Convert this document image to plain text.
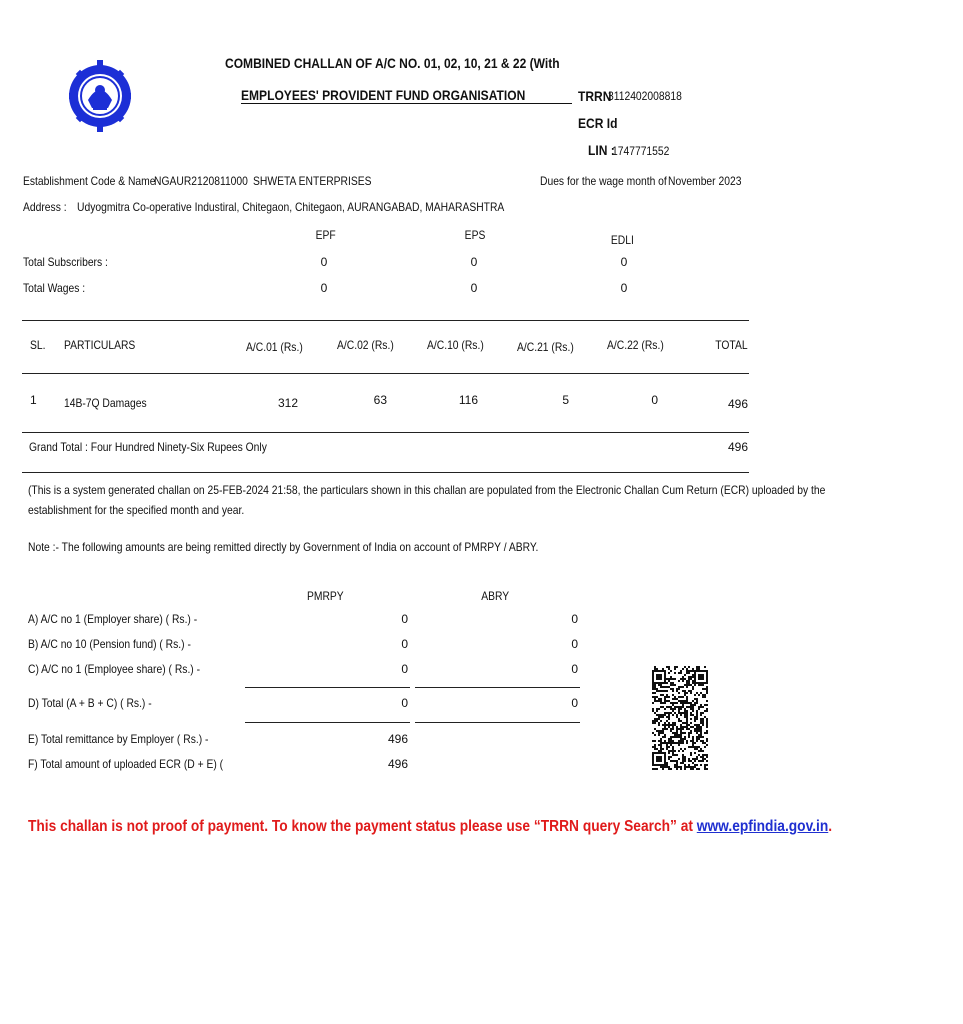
COMBINED CHALLAN OF A/C NO. 01, 02, 10, 21 & 22 (With
EMPLOYEES' PROVIDENT FUND ORGANISATION	TRRN
3112402008818
ECR Id
LIN :
1747771552
Establishment Code & Name
NGAUR2120811000 SHWETA ENTERPRISES	Dues for the wage month of November 2023
Address : Udyogmitra Co-operative Industiral, Chitegaon, Chitegaon, AURANGABAD, MAHARASHTRA
EPF	EPS	EDLI
Total Subscribers :	0	0	0
Total Wages :	0	0	0
SL. PARTICULARS	A/C.01 (Rs.)	A/C.02 (Rs.)	A/C.10 (Rs.)	A/C.21 (Rs.)	A/C.22 (Rs.)	TOTAL
1 14B-7Q Damages	312	63	116	5	0	496
Grand Total : Four Hundred Ninety-Six Rupees Only	496
(This is a system generated challan on 25-FEB-2024 21:58, the particulars shown in this challan are populated from the Electronic Challan Cum Return (ECR) uploaded by the
establishment for the specified month and year.
Note :- The following amounts are being remitted directly by Government of India on account of PMRPY / ABRY.
PMRPY	ABRY
A) A/C no 1 (Employer share) ( Rs.) -	0	0
B) A/C no 10 (Pension fund) ( Rs.) -	0	0
C) A/C no 1 (Employee share) ( Rs.) -	0	0
D) Total (A + B + C) ( Rs.) -	0	0
E) Total remittance by Employer ( Rs.) -	496
F) Total amount of uploaded ECR (D + E) (	496
This challan is not proof of payment. To know the payment status please use “TRRN query Search” at www.epfindia.gov.in.
